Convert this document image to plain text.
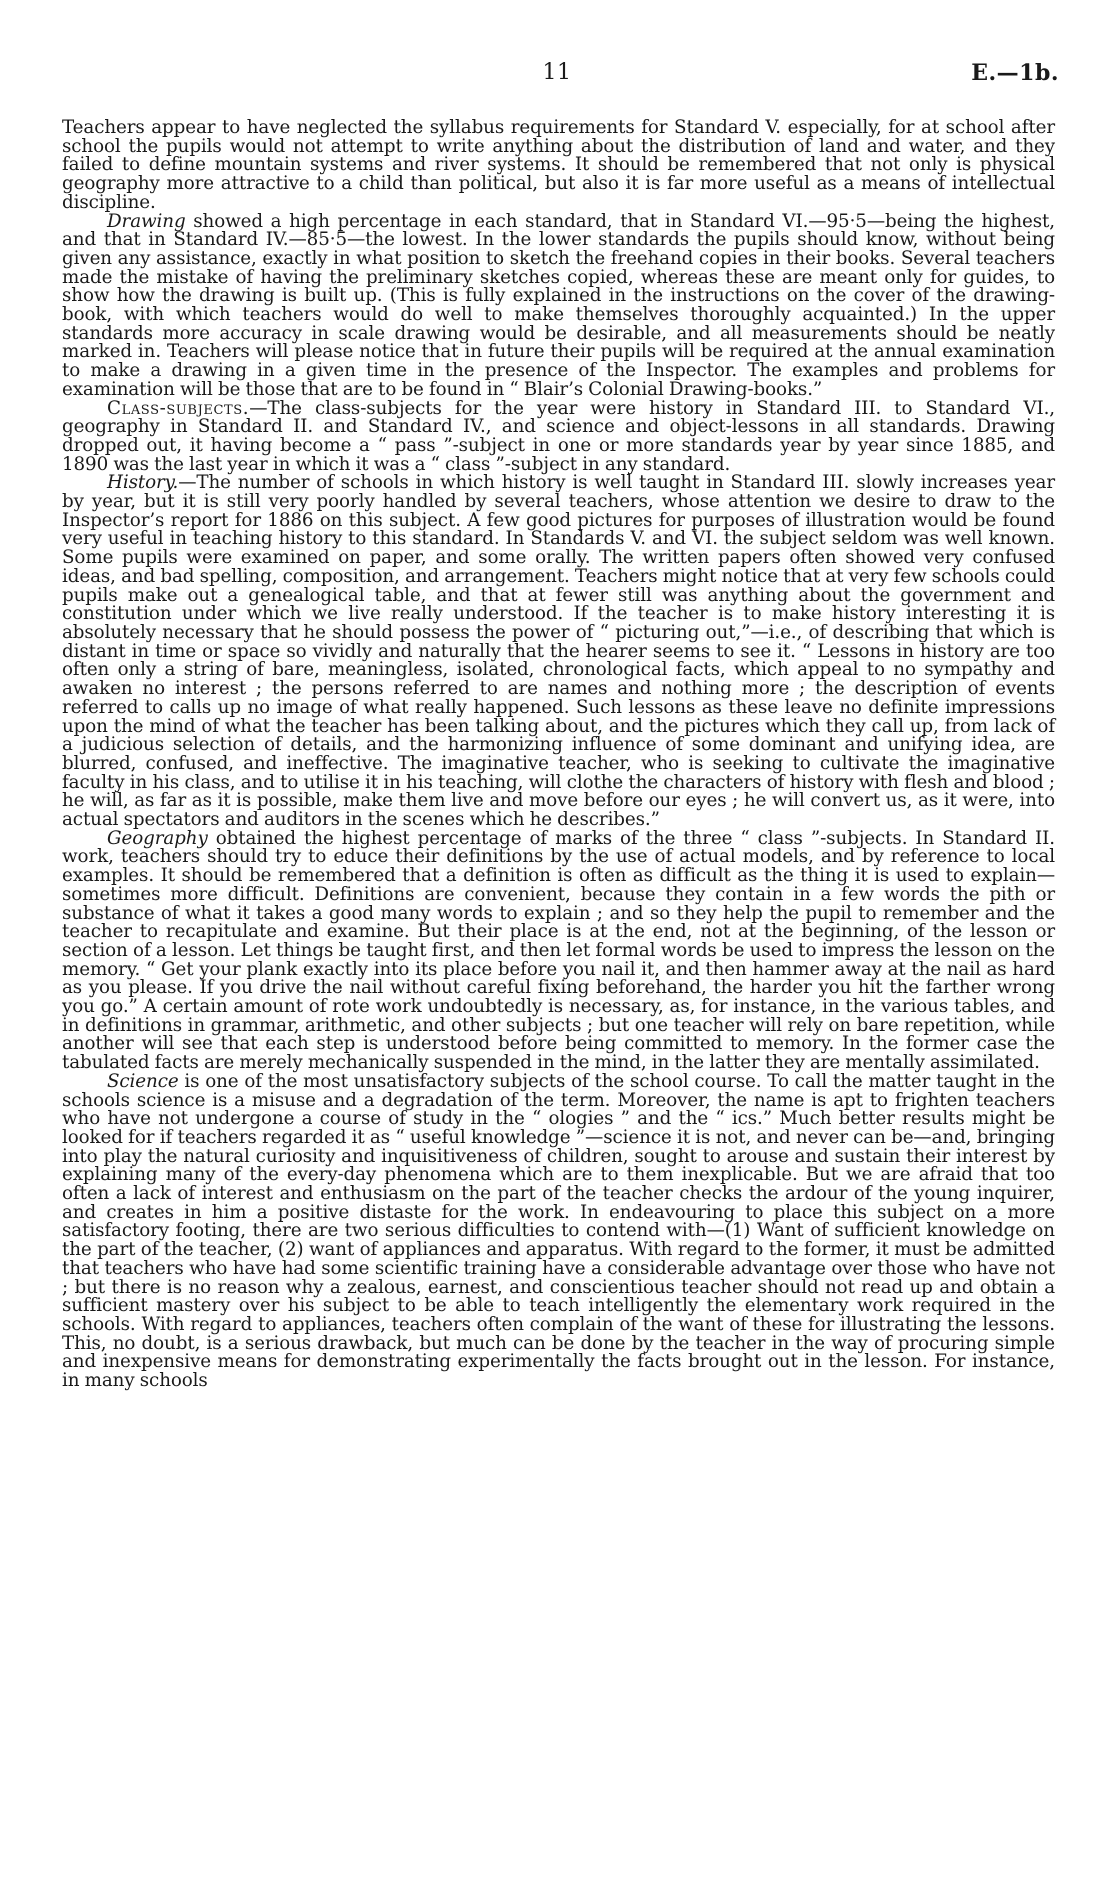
11	E.—1b.

Teachers appear to have neglected the syllabus requirements for Standard V. especially, for at school after school the pupils would not attempt to write anything about the distribution of land and water, and they failed to define mountain systems and river systems. It should be remembered that not only is physical geography more attractive to a child than political, but also it is far more useful as a means of intellectual discipline.

Drawing showed a high percentage in each standard, that in Standard VI.—95·5—being the highest, and that in Standard IV.—85·5—the lowest. In the lower standards the pupils should know, without being given any assistance, exactly in what position to sketch the freehand copies in their books. Several teachers made the mistake of having the preliminary sketches copied, whereas these are meant only for guides, to show how the drawing is built up. (This is fully explained in the instructions on the cover of the drawing-book, with which teachers would do well to make themselves thoroughly acquainted.) In the upper standards more accuracy in scale drawing would be desirable, and all measurements should be neatly marked in. Teachers will please notice that in future their pupils will be required at the annual examination to make a drawing in a given time in the presence of the Inspector. The examples and problems for examination will be those that are to be found in “ Blair’s Colonial Drawing-books.”

Class-subjects.—The class-subjects for the year were history in Standard III. to Standard VI., geography in Standard II. and Standard IV., and science and object-lessons in all standards. Drawing dropped out, it having become a “ pass ”-subject in one or more standards year by year since 1885, and 1890 was the last year in which it was a “ class ”-subject in any standard.

History.—The number of schools in which history is well taught in Standard III. slowly increases year by year, but it is still very poorly handled by several teachers, whose attention we desire to draw to the Inspector’s report for 1886 on this subject. A few good pictures for purposes of illustration would be found very useful in teaching history to this standard. In Standards V. and VI. the subject seldom was well known. Some pupils were examined on paper, and some orally. The written papers often showed very confused ideas, and bad spelling, composition, and arrangement. Teachers might notice that at very few schools could pupils make out a genealogical table, and that at fewer still was anything about the government and constitution under which we live really understood. If the teacher is to make history interesting it is absolutely necessary that he should possess the power of “ picturing out,”—i.e., of describing that which is distant in time or space so vividly and naturally that the hearer seems to see it. “ Lessons in history are too often only a string of bare, meaningless, isolated, chronological facts, which appeal to no sympathy and awaken no interest ; the persons referred to are names and nothing more ; the description of events referred to calls up no image of what really happened. Such lessons as these leave no definite impressions upon the mind of what the teacher has been talking about, and the pictures which they call up, from lack of a judicious selection of details, and the harmonizing influence of some dominant and unifying idea, are blurred, confused, and ineffective. The imaginative teacher, who is seeking to cultivate the imaginative faculty in his class, and to utilise it in his teaching, will clothe the characters of history with flesh and blood ; he will, as far as it is possible, make them live and move before our eyes ; he will convert us, as it were, into actual spectators and auditors in the scenes which he describes.”

Geography obtained the highest percentage of marks of the three “ class ”-subjects. In Standard II. work, teachers should try to educe their definitions by the use of actual models, and by reference to local examples. It should be remembered that a definition is often as difficult as the thing it is used to explain—sometimes more difficult. Definitions are convenient, because they contain in a few words the pith or substance of what it takes a good many words to explain ; and so they help the pupil to remember and the teacher to recapitulate and examine. But their place is at the end, not at the beginning, of the lesson or section of a lesson. Let things be taught first, and then let formal words be used to impress the lesson on the memory. “ Get your plank exactly into its place before you nail it, and then hammer away at the nail as hard as you please. If you drive the nail without careful fixing beforehand, the harder you hit the farther wrong you go.” A certain amount of rote work undoubtedly is necessary, as, for instance, in the various tables, and in definitions in grammar, arithmetic, and other subjects ; but one teacher will rely on bare repetition, while another will see that each step is understood before being committed to memory. In the former case the tabulated facts are merely mechanically suspended in the mind, in the latter they are mentally assimilated.

Science is one of the most unsatisfactory subjects of the school course. To call the matter taught in the schools science is a misuse and a degradation of the term. Moreover, the name is apt to frighten teachers who have not undergone a course of study in the “ ologies ” and the “ ics.” Much better results might be looked for if teachers regarded it as “ useful knowledge ”—science it is not, and never can be—and, bringing into play the natural curiosity and inquisitiveness of children, sought to arouse and sustain their interest by explaining many of the every-day phenomena which are to them inexplicable. But we are afraid that too often a lack of interest and enthusiasm on the part of the teacher checks the ardour of the young inquirer, and creates in him a positive distaste for the work. In endeavouring to place this subject on a more satisfactory footing, there are two serious difficulties to contend with—(1) Want of sufficient knowledge on the part of the teacher, (2) want of appliances and apparatus. With regard to the former, it must be admitted that teachers who have had some scientific training have a considerable advantage over those who have not ; but there is no reason why a zealous, earnest, and conscientious teacher should not read up and obtain a sufficient mastery over his subject to be able to teach intelligently the elementary work required in the schools. With regard to appliances, teachers often complain of the want of these for illustrating the lessons. This, no doubt, is a serious drawback, but much can be done by the teacher in the way of procuring simple and inexpensive means for demonstrating experimentally the facts brought out in the lesson. For instance, in many schools
